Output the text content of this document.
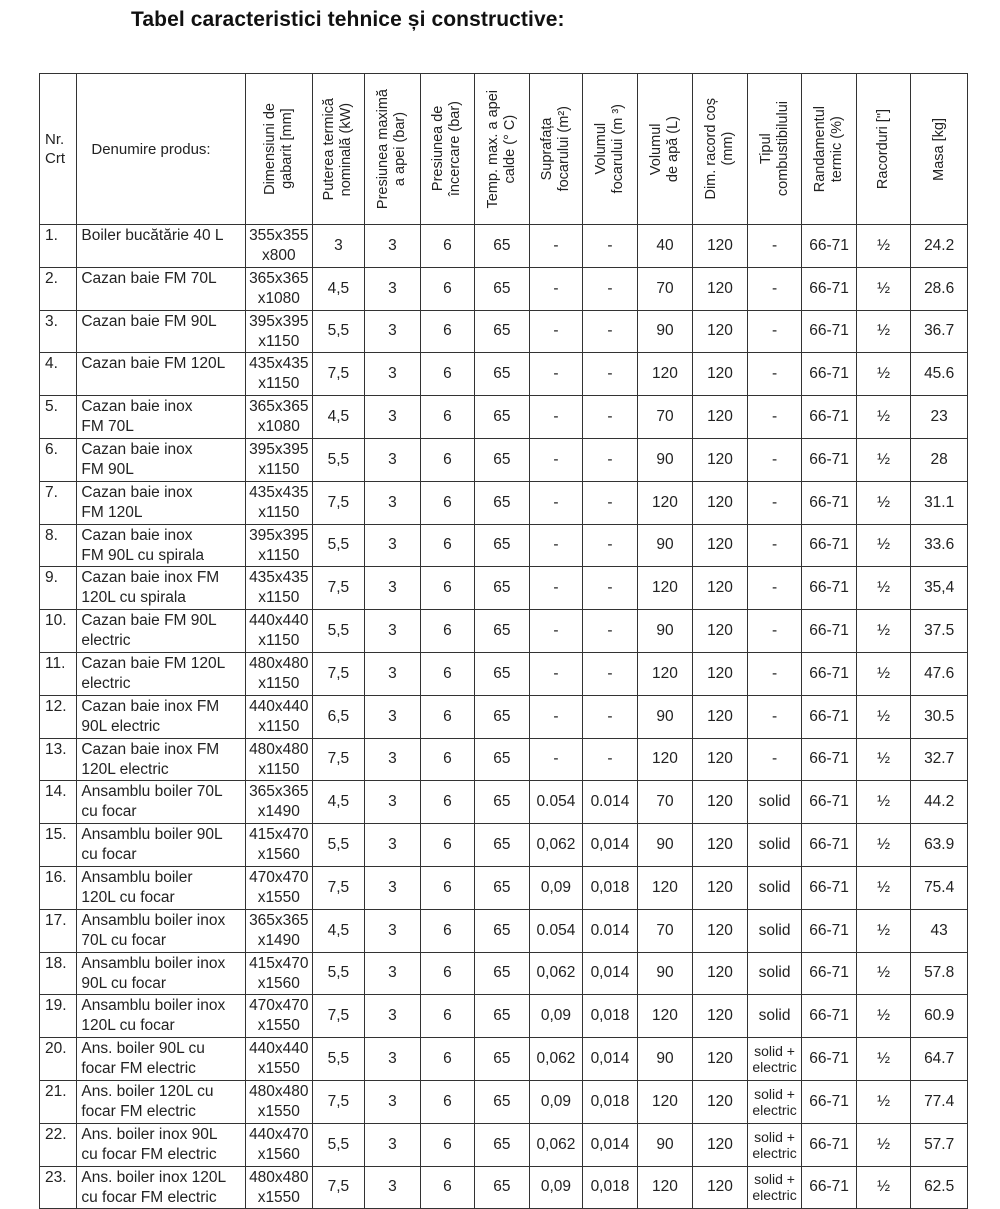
Tabel caracteristici tehnice și constructive:
Nr.
Crt	Denumire produs:	Dimensiuni de
gabarit [mm]	Puterea termică
nominală (kW)	Presiunea maximă
a apei (bar)	Presiunea de
încercare (bar)	Temp. max. a apei
calde (° C)	Suprafața
focarului (m²)	Volumul
focarului (m ³)	Volumul
de apă (L)	Dim. racord coș
(mm)	Tipul
combustibilului	Randamentul
termic (%)	Racorduri ["]	Masa [kg]

1.	Boiler bucătărie 40 L	355x355
x800	3	3	6	65	-	-	40	120	-	66-71	½	24.2
2.	Cazan baie FM 70L	365x365
x1080	4,5	3	6	65	-	-	70	120	-	66-71	½	28.6
3.	Cazan baie FM 90L	395x395
x1150	5,5	3	6	65	-	-	90	120	-	66-71	½	36.7
4.	Cazan baie FM 120L	435x435
x1150	7,5	3	6	65	-	-	120	120	-	66-71	½	45.6
5.	Cazan baie inox
FM 70L	365x365
x1080	4,5	3	6	65	-	-	70	120	-	66-71	½	23
6.	Cazan baie inox
FM 90L	395x395
x1150	5,5	3	6	65	-	-	90	120	-	66-71	½	28
7.	Cazan baie inox
FM 120L	435x435
x1150	7,5	3	6	65	-	-	120	120	-	66-71	½	31.1
8.	Cazan baie inox
FM 90L cu spirala	395x395
x1150	5,5	3	6	65	-	-	90	120	-	66-71	½	33.6
9.	Cazan baie inox FM
120L cu spirala	435x435
x1150	7,5	3	6	65	-	-	120	120	-	66-71	½	35,4
10.	Cazan baie FM 90L
electric	440x440
x1150	5,5	3	6	65	-	-	90	120	-	66-71	½	37.5
11.	Cazan baie FM 120L
electric	480x480
x1150	7,5	3	6	65	-	-	120	120	-	66-71	½	47.6
12.	Cazan baie inox FM
90L electric	440x440
x1150	6,5	3	6	65	-	-	90	120	-	66-71	½	30.5
13.	Cazan baie inox FM
120L electric	480x480
x1150	7,5	3	6	65	-	-	120	120	-	66-71	½	32.7
14.	Ansamblu boiler 70L
cu focar	365x365
x1490	4,5	3	6	65	0.054	0.014	70	120	solid	66-71	½	44.2
15.	Ansamblu boiler 90L
cu focar	415x470
x1560	5,5	3	6	65	0,062	0,014	90	120	solid	66-71	½	63.9
16.	Ansamblu boiler
120L cu focar	470x470
x1550	7,5	3	6	65	0,09	0,018	120	120	solid	66-71	½	75.4
17.	Ansamblu boiler inox
70L cu focar	365x365
x1490	4,5	3	6	65	0.054	0.014	70	120	solid	66-71	½	43
18.	Ansamblu boiler inox
90L cu focar	415x470
x1560	5,5	3	6	65	0,062	0,014	90	120	solid	66-71	½	57.8
19.	Ansamblu boiler inox
120L cu focar	470x470
x1550	7,5	3	6	65	0,09	0,018	120	120	solid	66-71	½	60.9
20.	Ans. boiler 90L cu
focar FM electric	440x440
x1550	5,5	3	6	65	0,062	0,014	90	120	solid +
electric	66-71	½	64.7
21.	Ans. boiler 120L cu
focar FM electric	480x480
x1550	7,5	3	6	65	0,09	0,018	120	120	solid +
electric	66-71	½	77.4
22.	Ans. boiler inox 90L
cu focar FM electric	440x470
x1560	5,5	3	6	65	0,062	0,014	90	120	solid +
electric	66-71	½	57.7
23.	Ans. boiler inox 120L
cu focar FM electric	480x480
x1550	7,5	3	6	65	0,09	0,018	120	120	solid +
electric	66-71	½	62.5
